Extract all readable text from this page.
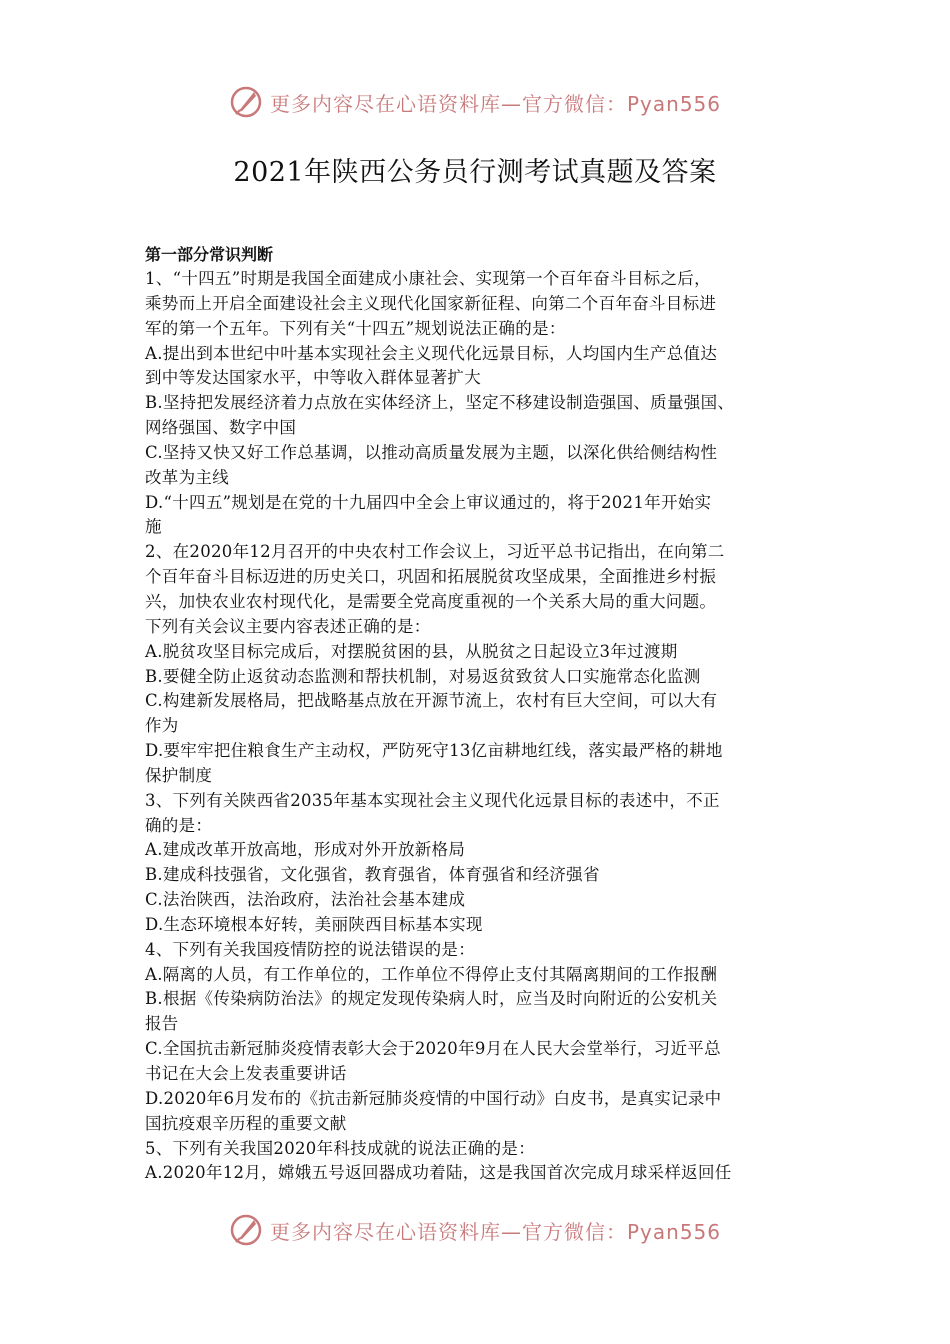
更多内容尽在心语资料库—官方微信：Pyan556
2021年陕西公务员行测考试真题及答案

第一部分常识判断

1、“十四五”时期是我国全面建成小康社会、实现第一个百年奋斗目标之后，

乘势而上开启全面建设社会主义现代化国家新征程、向第二个百年奋斗目标进

军的第一个五年。下列有关“十四五”规划说法正确的是：

A.提出到本世纪中叶基本实现社会主义现代化远景目标，人均国内生产总值达

到中等发达国家水平，中等收入群体显著扩大

B.坚持把发展经济着力点放在实体经济上，坚定不移建设制造强国、质量强国、

网络强国、数字中国

C.坚持又快又好工作总基调，以推动高质量发展为主题，以深化供给侧结构性

改革为主线

D.“十四五”规划是在党的十九届四中全会上审议通过的，将于2021年开始实

施

2、在2020年12月召开的中央农村工作会议上，习近平总书记指出，在向第二

个百年奋斗目标迈进的历史关口，巩固和拓展脱贫攻坚成果，全面推进乡村振

兴，加快农业农村现代化，是需要全党高度重视的一个关系大局的重大问题。

下列有关会议主要内容表述正确的是：

A.脱贫攻坚目标完成后，对摆脱贫困的县，从脱贫之日起设立3年过渡期

B.要健全防止返贫动态监测和帮扶机制，对易返贫致贫人口实施常态化监测

C.构建新发展格局，把战略基点放在开源节流上，农村有巨大空间，可以大有

作为

D.要牢牢把住粮食生产主动权，严防死守13亿亩耕地红线，落实最严格的耕地

保护制度

3、下列有关陕西省2035年基本实现社会主义现代化远景目标的表述中，不正

确的是：

A.建成改革开放高地，形成对外开放新格局

B.建成科技强省，文化强省，教育强省，体育强省和经济强省

C.法治陕西，法治政府，法治社会基本建成

D.生态环境根本好转，美丽陕西目标基本实现

4、下列有关我国疫情防控的说法错误的是：

A.隔离的人员，有工作单位的，工作单位不得停止支付其隔离期间的工作报酬

B.根据《传染病防治法》的规定发现传染病人时，应当及时向附近的公安机关

报告

C.全国抗击新冠肺炎疫情表彰大会于2020年9月在人民大会堂举行，习近平总

书记在大会上发表重要讲话

D.2020年6月发布的《抗击新冠肺炎疫情的中国行动》白皮书，是真实记录中

国抗疫艰辛历程的重要文献

5、下列有关我国2020年科技成就的说法正确的是：

A.2020年12月，嫦娥五号返回器成功着陆，这是我国首次完成月球采样返回任

更多内容尽在心语资料库—官方微信：Pyan556
